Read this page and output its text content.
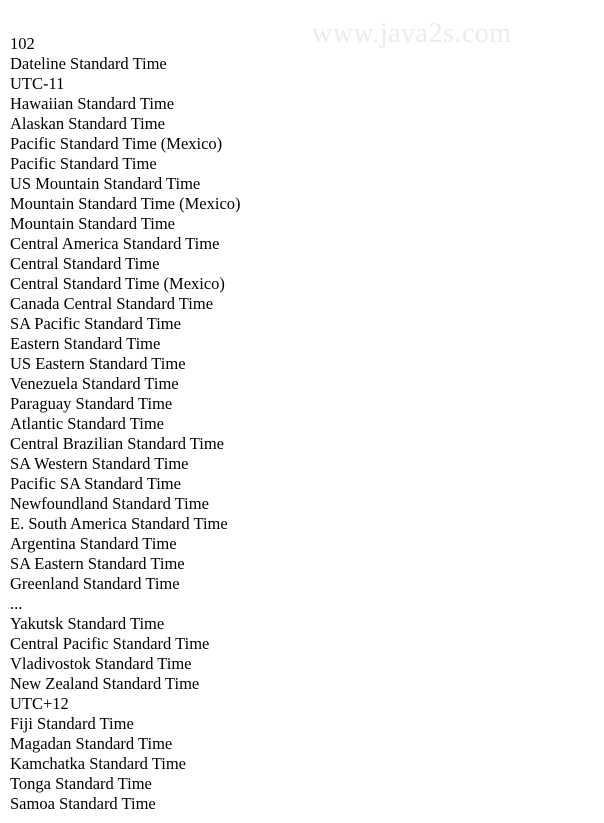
www.java2s.com
102
Dateline Standard Time
UTC-11
Hawaiian Standard Time
Alaskan Standard Time
Pacific Standard Time (Mexico)
Pacific Standard Time
US Mountain Standard Time
Mountain Standard Time (Mexico)
Mountain Standard Time
Central America Standard Time
Central Standard Time
Central Standard Time (Mexico)
Canada Central Standard Time
SA Pacific Standard Time
Eastern Standard Time
US Eastern Standard Time
Venezuela Standard Time
Paraguay Standard Time
Atlantic Standard Time
Central Brazilian Standard Time
SA Western Standard Time
Pacific SA Standard Time
Newfoundland Standard Time
E. South America Standard Time
Argentina Standard Time
SA Eastern Standard Time
Greenland Standard Time
...
Yakutsk Standard Time
Central Pacific Standard Time
Vladivostok Standard Time
New Zealand Standard Time
UTC+12
Fiji Standard Time
Magadan Standard Time
Kamchatka Standard Time
Tonga Standard Time
Samoa Standard Time
